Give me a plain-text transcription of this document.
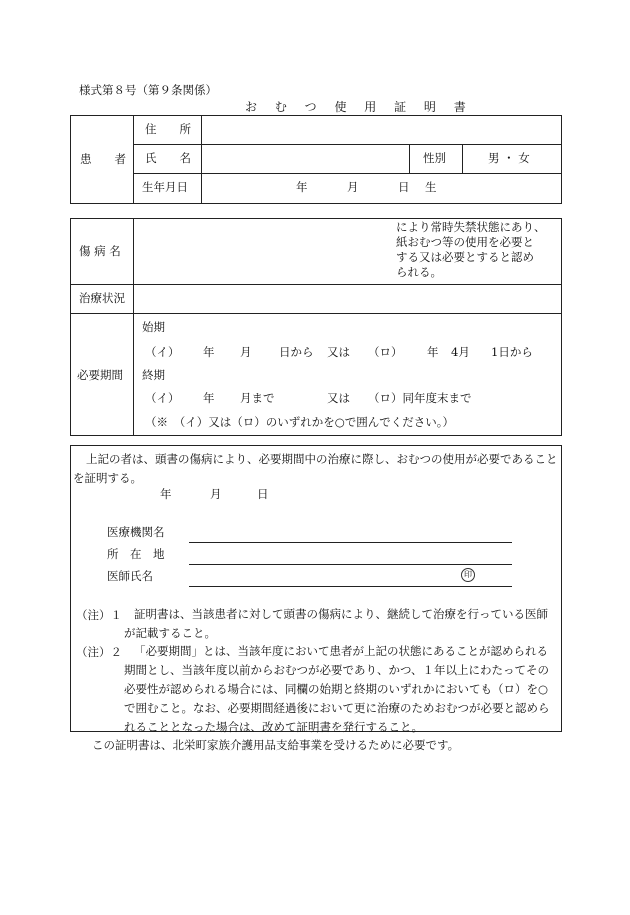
様式第８号（第９条関係）
お む つ 使 用 証 明 書
患　　者
住　　所
氏　　名	性別	男 ・ 女
生年月日	年	月	日 生
傷 病 名
により常時失禁状態にあり、
紙おむつ等の使用を必要と
する又は必要とすると認め
られる。
治療状況
必要期間
始期
（イ） 年 月 日から 又は （ロ） 年 4月 1日から
終期
（イ） 年 月まで	又は （ロ）同年度末まで
（※　（イ）又は（ロ）のいずれかを○で囲んでください。）
上記の者は、頭書の傷病により、必要期間中の治療に際し、おむつの使用が必要であることを証明する。
年	月	日
医療機関名
所　在　地
医師氏名	印
（注）１	証明書は、当該患者に対して頭書の傷病により、継続して治療を行っている医師が記載すること。
（注）２	「必要期間」とは、当該年度において患者が上記の状態にあることが認められる期間とし、当該年度以前からおむつが必要であり、かつ、１年以上にわたってその必要性が認められる場合には、同欄の始期と終期のいずれかにおいても（ロ）を○で囲むこと。なお、必要期間経過後において更に治療のためおむつが必要と認められることとなった場合は、改めて証明書を発行すること。
この証明書は、北栄町家族介護用品支給事業を受けるために必要です。
